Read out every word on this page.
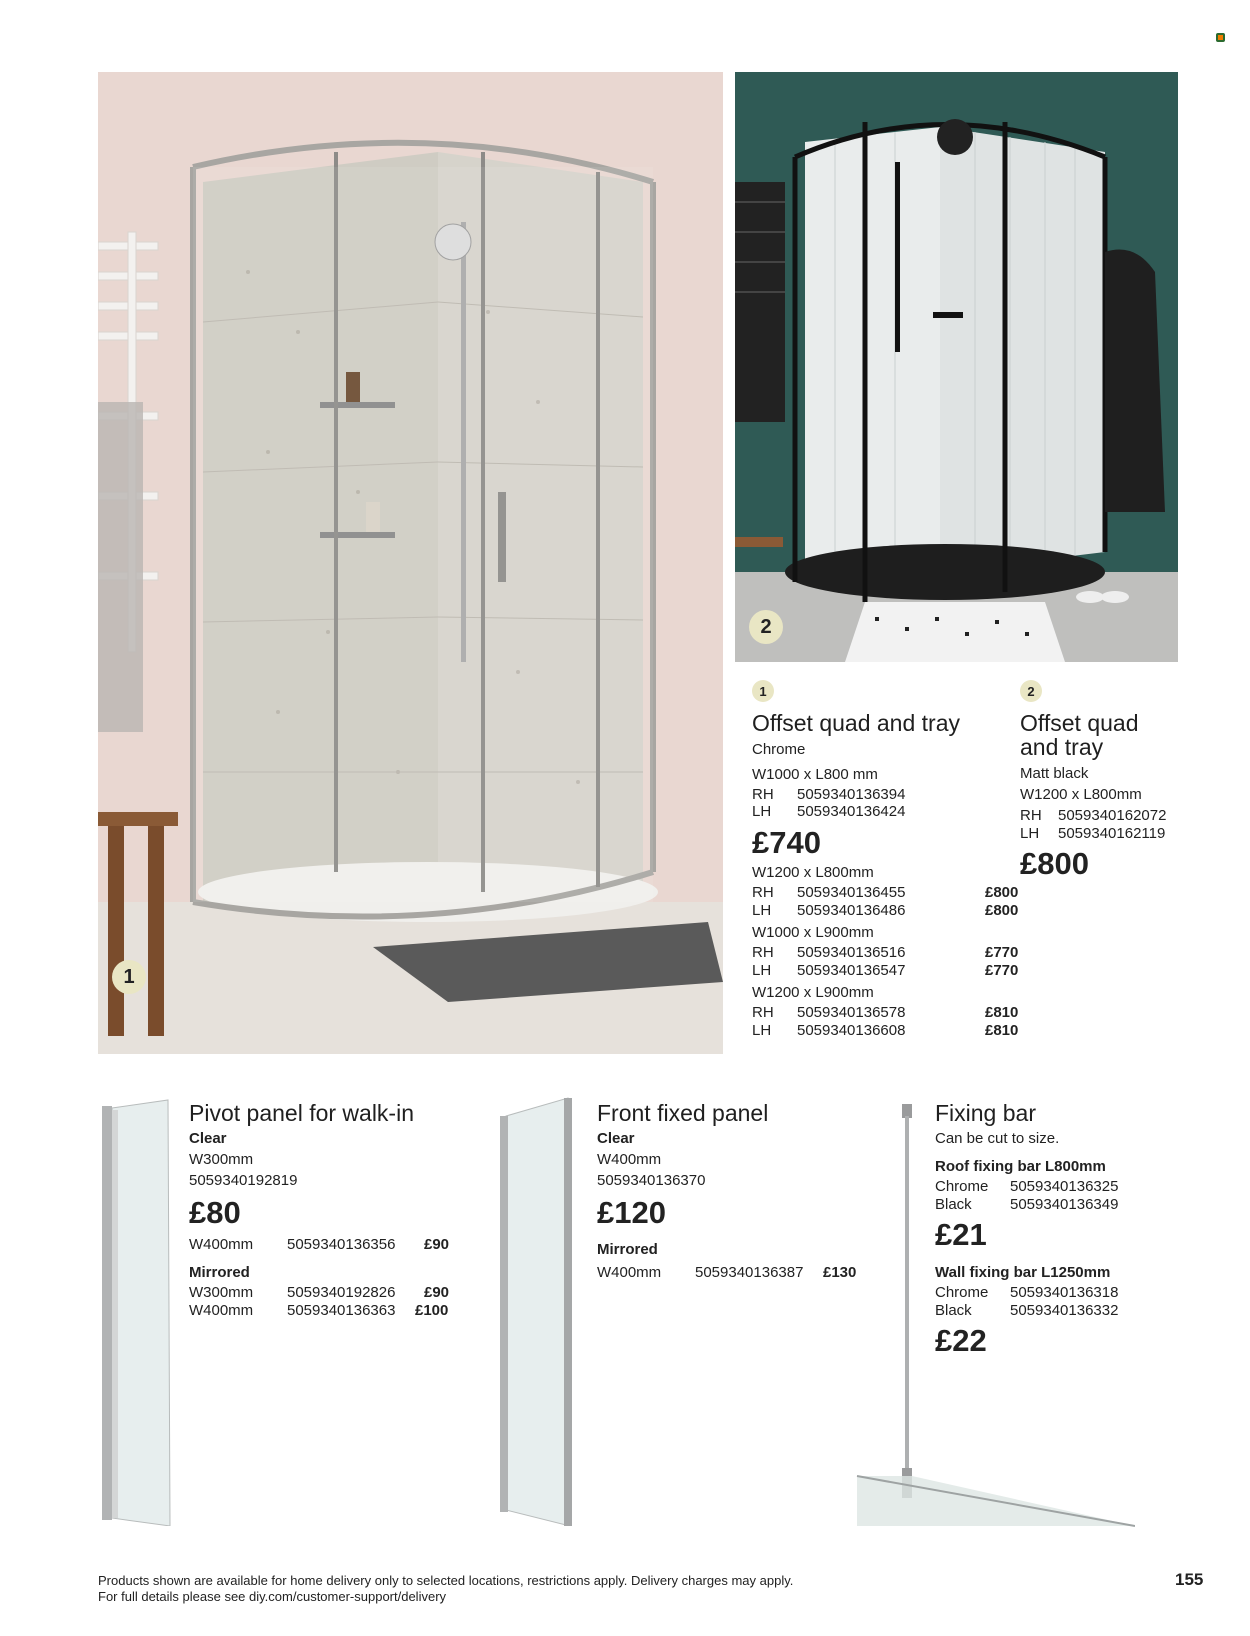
1
2
1
Offset quad and tray
Chrome
W1000 x L800 mm
RH	5059340136394
LH	5059340136424
£740
W1200 x L800mm
RH	5059340136455	£800
LH	5059340136486	£800
W1000 x L900mm
RH	5059340136516	£770
LH	5059340136547	£770
W1200 x L900mm
RH	5059340136578	£810
LH	5059340136608	£810
2
Offset quad
and tray
Matt black
W1200 x L800mm
RH	5059340162072
LH	5059340162119
£800
Pivot panel for walk-in
Clear
W300mm
5059340192819
£80
W400mm 5059340136356 £90
Mirrored
W300mm 5059340192826 £90
W400mm 5059340136363 £100
Front fixed panel
Clear
W400mm
5059340136370
£120
Mirrored
W400mm 5059340136387 £130
Fixing bar
Can be cut to size.
Roof fixing bar L800mm
Chrome	5059340136325
Black	5059340136349
£21
Wall fixing bar L1250mm
Chrome	5059340136318
Black	5059340136332
£22
Products shown are available for home delivery only to selected locations, restrictions apply. Delivery charges may apply.
For full details please see diy.com/customer-support/delivery
155
